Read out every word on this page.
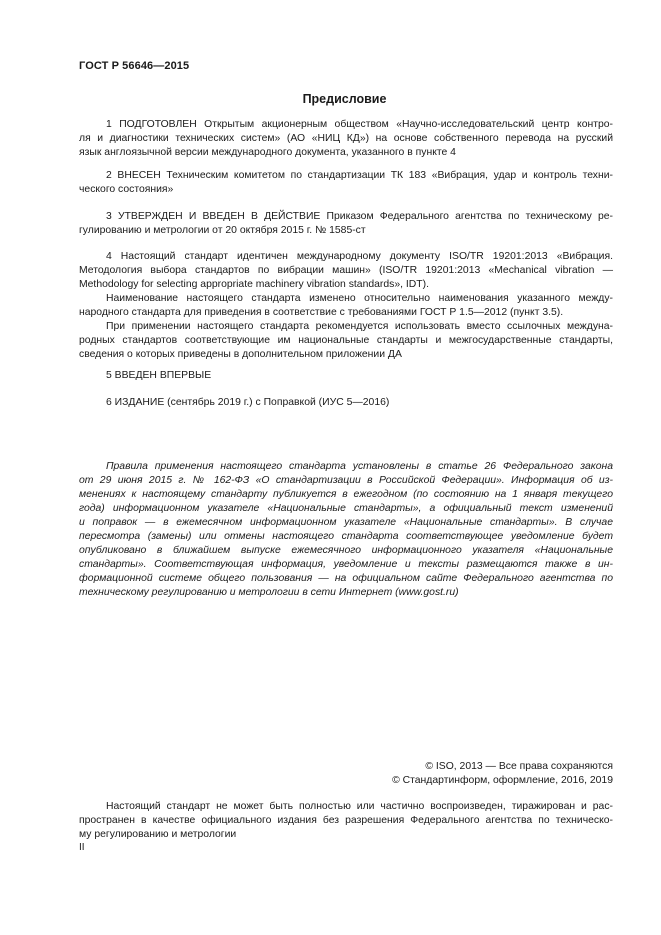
ГОСТ Р 56646—2015
Предисловие
1 ПОДГОТОВЛЕН Открытым акционерным обществом «Научно-исследовательский центр контро-
ля и диагностики технических систем» (АО «НИЦ КД») на основе собственного перевода на русский
язык англоязычной версии международного документа, указанного в пункте 4
2 ВНЕСЕН Техническим комитетом по стандартизации ТК 183 «Вибрация, удар и контроль техни-
ческого состояния»
3 УТВЕРЖДЕН И ВВЕДЕН В ДЕЙСТВИЕ Приказом Федерального агентства по техническому ре-
гулированию и метрологии от 20 октября 2015 г. № 1585-ст
4 Настоящий стандарт идентичен международному документу ISO/TR 19201:2013 «Вибрация.
Методология выбора стандартов по вибрации машин» (ISO/TR 19201:2013 «Mechanical vibration —
Methodology for selecting appropriate machinery vibration standards», IDT).
Наименование настоящего стандарта изменено относительно наименования указанного между-
народного стандарта для приведения в соответствие с требованиями ГОСТ Р 1.5—2012 (пункт 3.5).
При применении настоящего стандарта рекомендуется использовать вместо ссылочных междуна-
родных стандартов соответствующие им национальные стандарты и межгосударственные стандарты,
сведения о которых приведены в дополнительном приложении ДА
5 ВВЕДЕН ВПЕРВЫЕ
6 ИЗДАНИЕ (сентябрь 2019 г.) с Поправкой (ИУС 5—2016)
Правила применения настоящего стандарта установлены в статье 26 Федерального закона
от 29 июня 2015 г. № 162-ФЗ «О стандартизации в Российской Федерации». Информация об из-
менениях к настоящему стандарту публикуется в ежегодном (по состоянию на 1 января текущего
года) информационном указателе «Национальные стандарты», а официальный текст изменений
и поправок — в ежемесячном информационном указателе «Национальные стандарты». В случае
пересмотра (замены) или отмены настоящего стандарта соответствующее уведомление будет
опубликовано в ближайшем выпуске ежемесячного информационного указателя «Национальные
стандарты». Соответствующая информация, уведомление и тексты размещаются также в ин-
формационной системе общего пользования — на официальном сайте Федерального агентства по
техническому регулированию и метрологии в сети Интернет (www.gost.ru)
© ISO, 2013 — Все права сохраняются
© Стандартинформ, оформление, 2016, 2019
Настоящий стандарт не может быть полностью или частично воспроизведен, тиражирован и рас-
пространен в качестве официального издания без разрешения Федерального агентства по техническо-
му регулированию и метрологии
II
